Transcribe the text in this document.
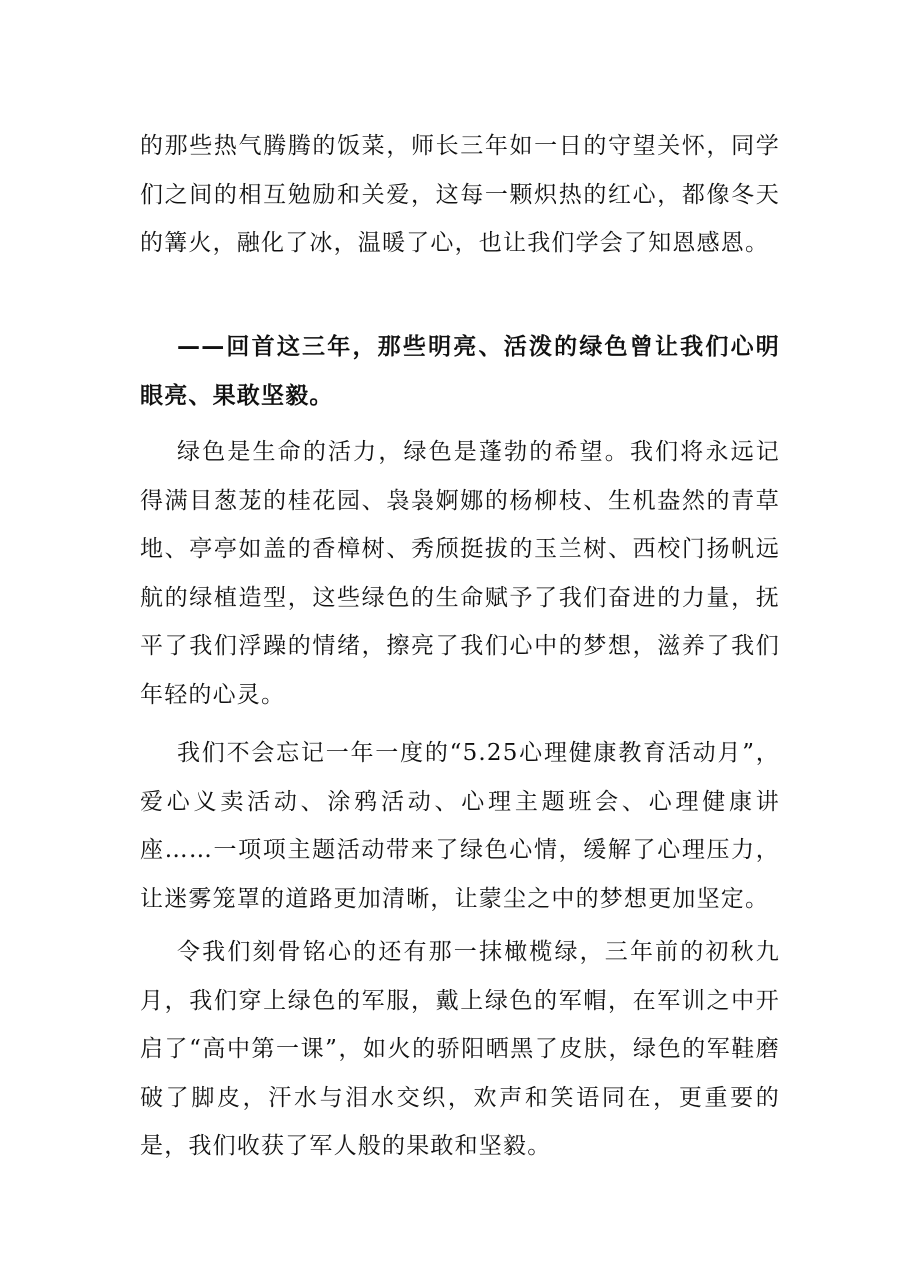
的那些热气腾腾的饭菜，师长三年如一日的守望关怀，同学们之间的相互勉励和关爱，这每一颗炽热的红心，都像冬天的篝火，融化了冰，温暖了心，也让我们学会了知恩感恩。

——回首这三年，那些明亮、活泼的绿色曾让我们心明眼亮、果敢坚毅。

绿色是生命的活力，绿色是蓬勃的希望。我们将永远记得满目葱茏的桂花园、袅袅婀娜的杨柳枝、生机盎然的青草地、亭亭如盖的香樟树、秀颀挺拔的玉兰树、西校门扬帆远航的绿植造型，这些绿色的生命赋予了我们奋进的力量，抚平了我们浮躁的情绪，擦亮了我们心中的梦想，滋养了我们年轻的心灵。

我们不会忘记一年一度的“5.25心理健康教育活动月”，爱心义卖活动、涂鸦活动、心理主题班会、心理健康讲座……一项项主题活动带来了绿色心情，缓解了心理压力，让迷雾笼罩的道路更加清晰，让蒙尘之中的梦想更加坚定。

令我们刻骨铭心的还有那一抹橄榄绿，三年前的初秋九月，我们穿上绿色的军服，戴上绿色的军帽，在军训之中开启了“高中第一课”，如火的骄阳晒黑了皮肤，绿色的军鞋磨破了脚皮，汗水与泪水交织，欢声和笑语同在，更重要的是，我们收获了军人般的果敢和坚毅。
